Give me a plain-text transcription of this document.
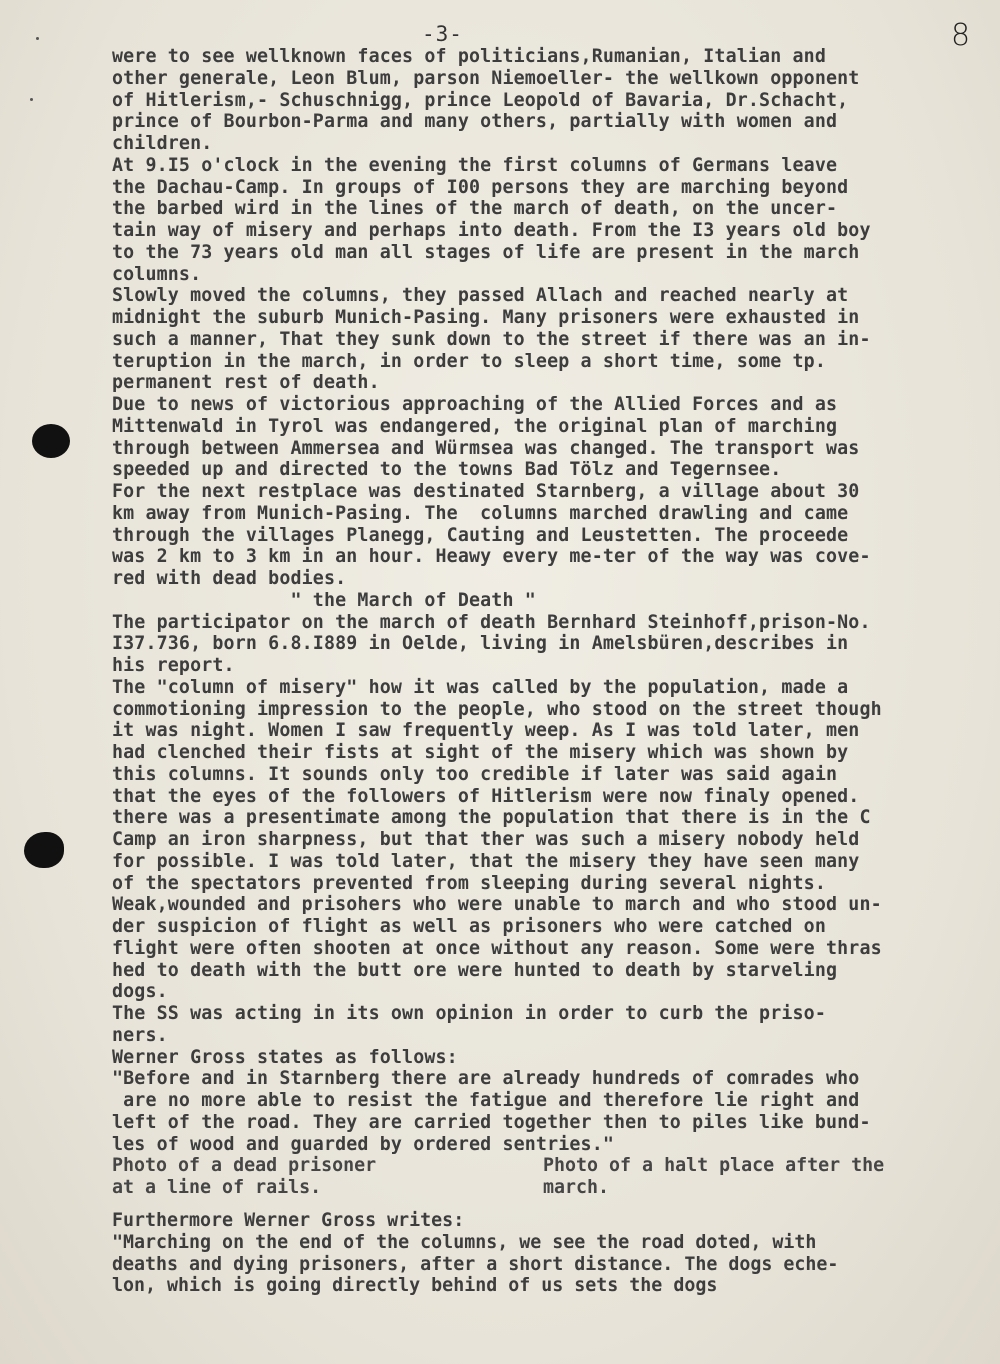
-3-	8
were to see wellknown faces of politicians,Rumanian, Italian and
other generale, Leon Blum, parson Niemoeller- the wellkown opponent
of Hitlerism,- Schuschnigg, prince Leopold of Bavaria, Dr.Schacht,
prince of Bourbon-Parma and many others, partially with women and
children.
At 9.I5 o'clock in the evening the first columns of Germans leave
the Dachau-Camp. In groups of I00 persons they are marching beyond
the barbed wird in the lines of the march of death, on the uncer-
tain way of misery and perhaps into death. From the I3 years old boy
to the 73 years old man all stages of life are present in the march
columns.
Slowly moved the columns, they passed Allach and reached nearly at
midnight the suburb Munich-Pasing. Many prisoners were exhausted in
such a manner, That they sunk down to the street if there was an in-
teruption in the march, in order to sleep a short time, some tp.
permanent rest of death.
Due to news of victorious approaching of the Allied Forces and as
Mittenwald in Tyrol was endangered, the original plan of marching
through between Ammersea and Würmsea was changed. The transport was
speeded up and directed to the towns Bad Tölz and Tegernsee.
For the next restplace was destinated Starnberg, a village about 30
km away from Munich-Pasing. The  columns marched drawling and came
through the villages Planegg, Cauting and Leustetten. The proceede
was 2 km to 3 km in an hour. Heawy every me-ter of the way was cove-
red with dead bodies.
" the March of Death "
The participator on the march of death Bernhard Steinhoff,prison-No.
I37.736, born 6.8.I889 in Oelde, living in Amelsbüren,describes in
his report.
The "column of misery" how it was called by the population, made a
commotioning impression to the people, who stood on the street though
it was night. Women I saw frequently weep. As I was told later, men
had clenched their fists at sight of the misery which was shown by
this columns. It sounds only too credible if later was said again
that the eyes of the followers of Hitlerism were now finaly opened.
there was a presentimate among the population that there is in the C
Camp an iron sharpness, but that ther was such a misery nobody held
for possible. I was told later, that the misery they have seen many
of the spectators prevented from sleeping during several nights.
Weak,wounded and prisohers who were unable to march and who stood un-
der suspicion of flight as well as prisoners who were catched on
flight were often shooten at once without any reason. Some were thras
hed to death with the butt ore were hunted to death by starveling
dogs.
The SS was acting in its own opinion in order to curb the priso-
ners.
Werner Gross states as follows:
"Before and in Starnberg there are already hundreds of comrades who
are no more able to resist the fatigue and therefore lie right and
left of the road. They are carried together then to piles like bund-
les of wood and guarded by ordered sentries."
Photo of a dead prisoner
at a line of rails.
Photo of a halt place after the
march.
Furthermore Werner Gross writes:
"Marching on the end of the columns, we see the road doted, with
deaths and dying prisoners, after a short distance. The dogs eche-
lon, which is going directly behind of us sets the dogs
